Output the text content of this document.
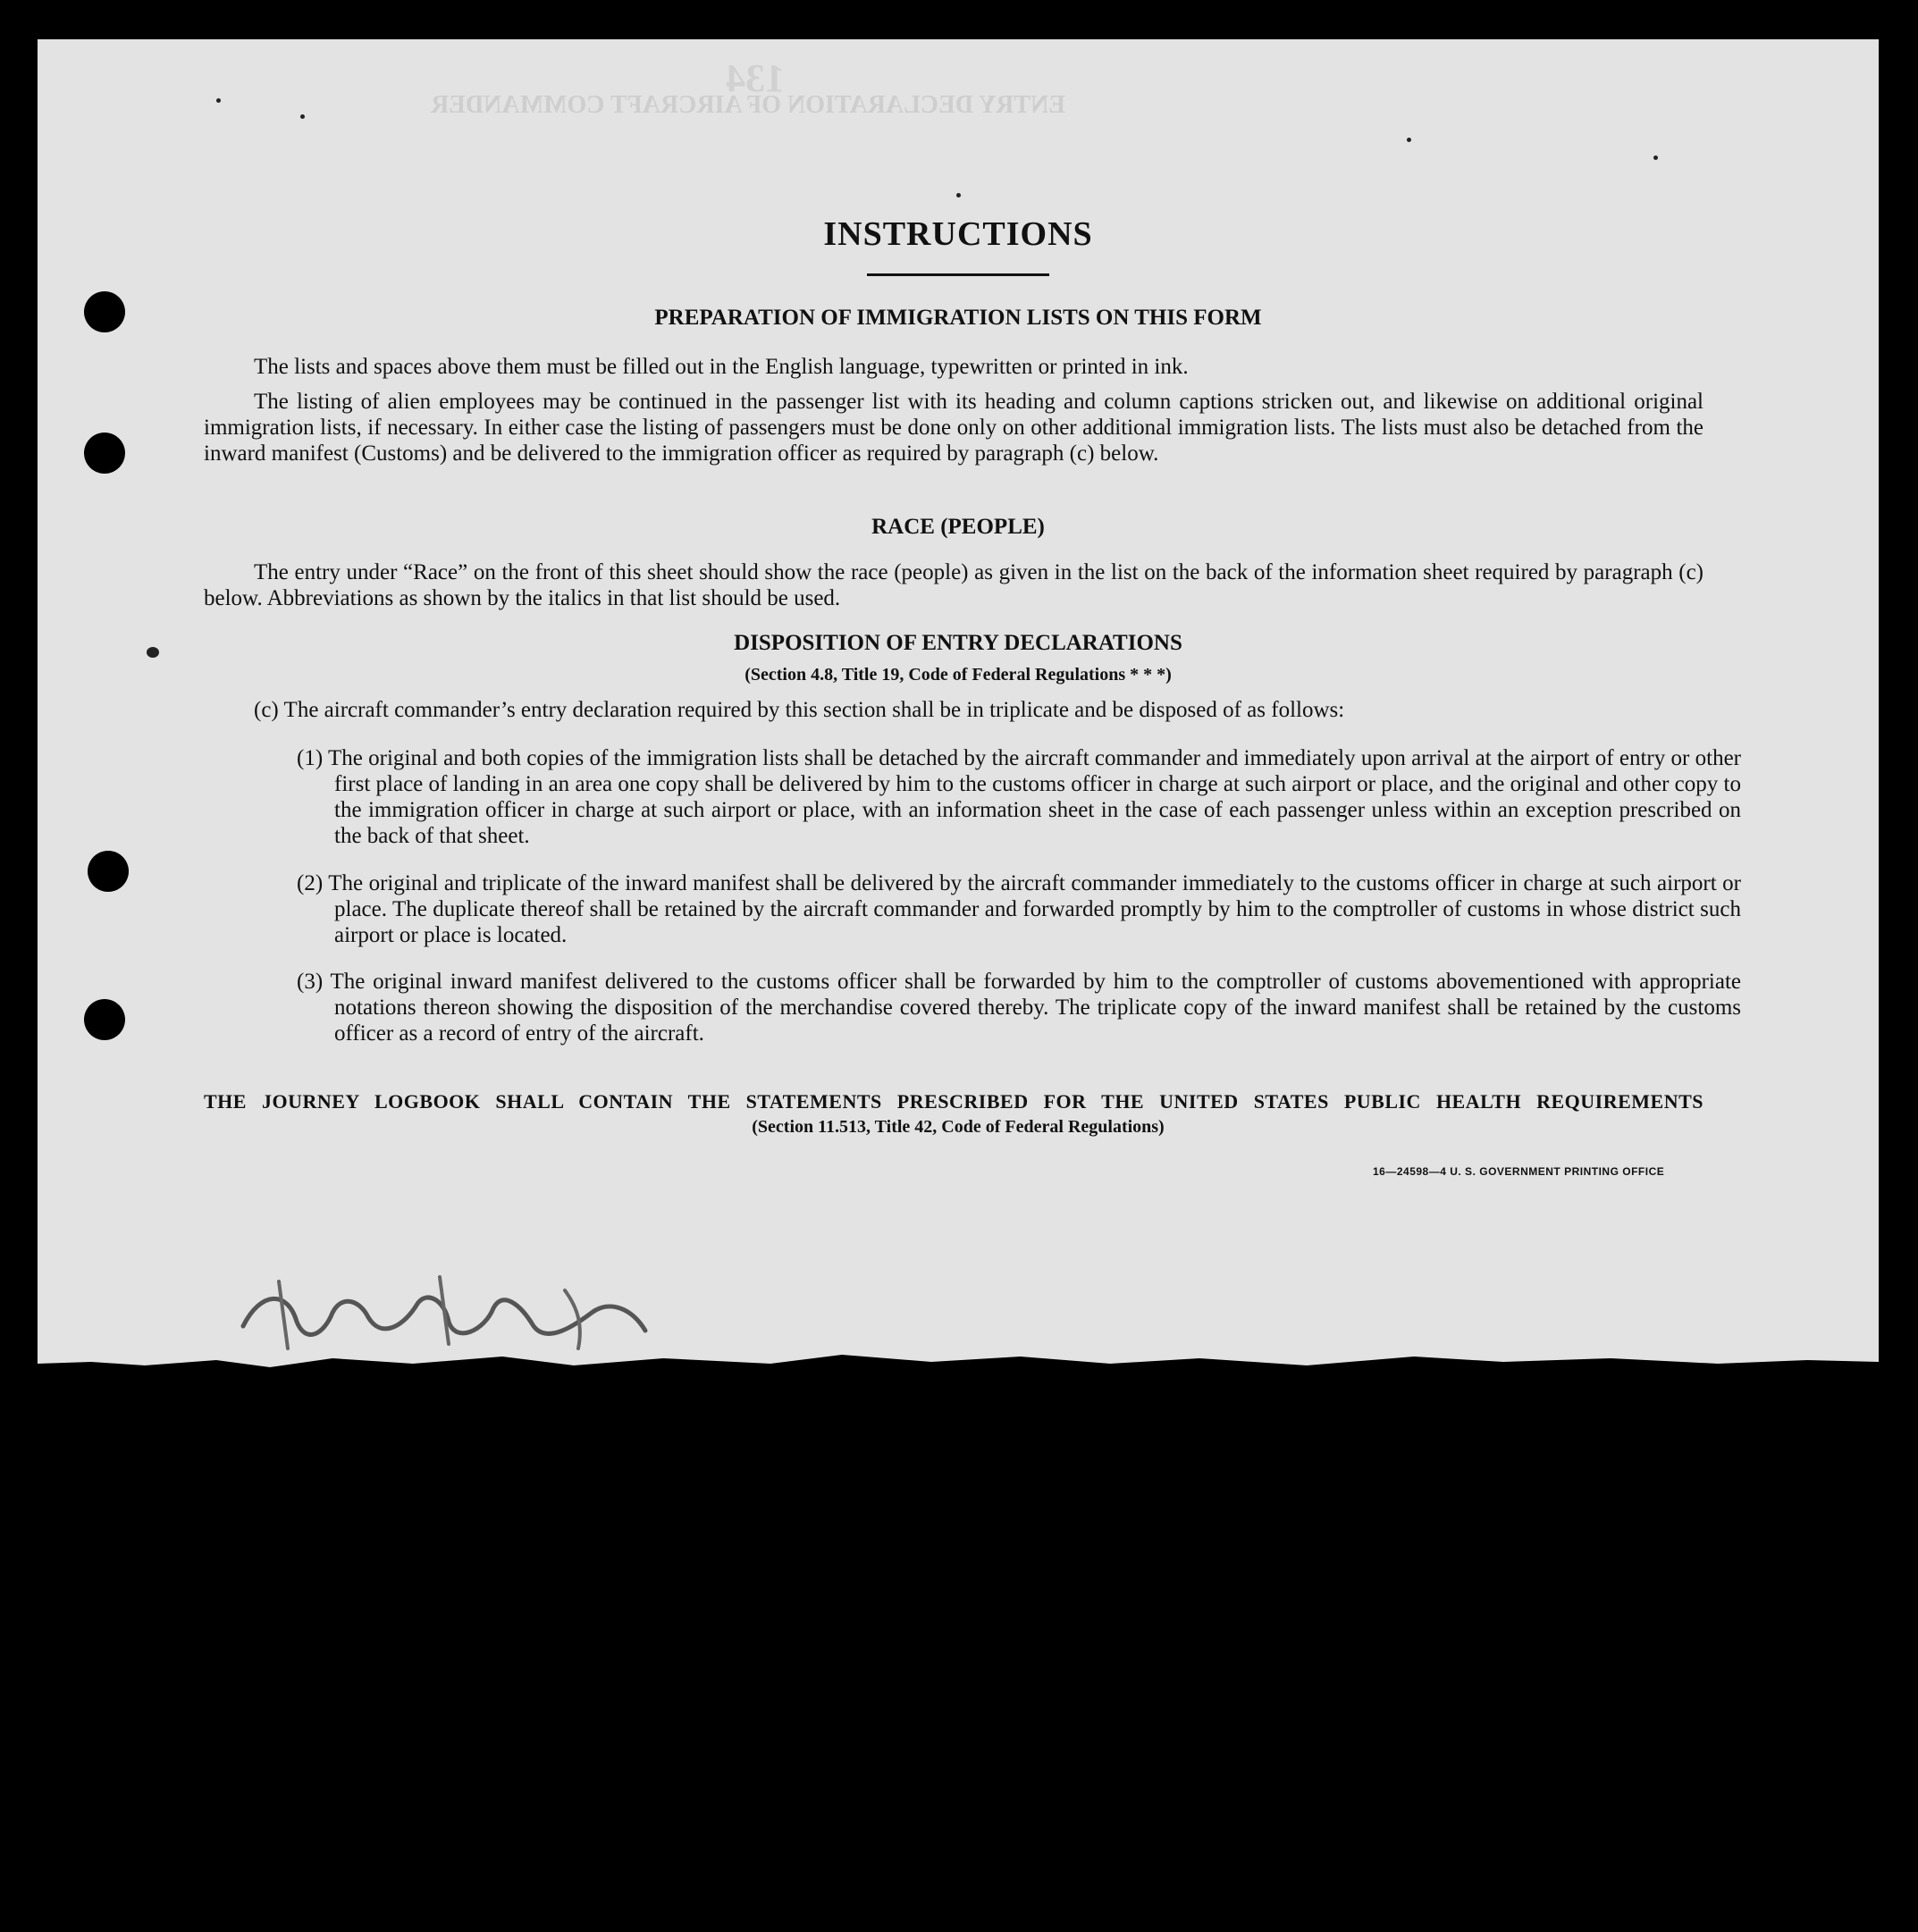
ENTRY DECLARATION OF AIRCRAFT COMMANDER
134
INSTRUCTIONS
PREPARATION OF IMMIGRATION LISTS ON THIS FORM
The lists and spaces above them must be filled out in the English language, typewritten or printed in ink.
The listing of alien employees may be continued in the passenger list with its heading and column captions stricken out, and likewise on additional original immigration lists, if necessary. In either case the listing of passengers must be done only on other additional immigration lists. The lists must also be detached from the inward manifest (Customs) and be delivered to the immigration officer as required by paragraph (c) below.
RACE (PEOPLE)
The entry under “Race” on the front of this sheet should show the race (people) as given in the list on the back of the information sheet required by paragraph (c) below. Abbreviations as shown by the italics in that list should be used.
DISPOSITION OF ENTRY DECLARATIONS
(Section 4.8, Title 19, Code of Federal Regulations * * *)
(c) The aircraft commander’s entry declaration required by this section shall be in triplicate and be disposed of as follows:
(1) The original and both copies of the immigration lists shall be detached by the aircraft commander and immediately upon arrival at the airport of entry or other first place of landing in an area one copy shall be delivered by him to the customs officer in charge at such airport or place, and the original and other copy to the immigration officer in charge at such airport or place, with an information sheet in the case of each passenger unless within an exception prescribed on the back of that sheet.
(2) The original and triplicate of the inward manifest shall be delivered by the aircraft commander immediately to the customs officer in charge at such airport or place. The duplicate thereof shall be retained by the aircraft commander and forwarded promptly by him to the comptroller of customs in whose district such airport or place is located.
(3) The original inward manifest delivered to the customs officer shall be forwarded by him to the comptroller of customs abovementioned with appropriate notations thereon showing the disposition of the merchandise covered thereby. The triplicate copy of the inward manifest shall be retained by the customs officer as a record of entry of the aircraft.
THE JOURNEY LOGBOOK SHALL CONTAIN THE STATEMENTS PRESCRIBED FOR THE UNITED STATES PUBLIC HEALTH REQUIREMENTS
(Section 11.513, Title 42, Code of Federal Regulations)
16—24598—4 U. S. GOVERNMENT PRINTING OFFICE
